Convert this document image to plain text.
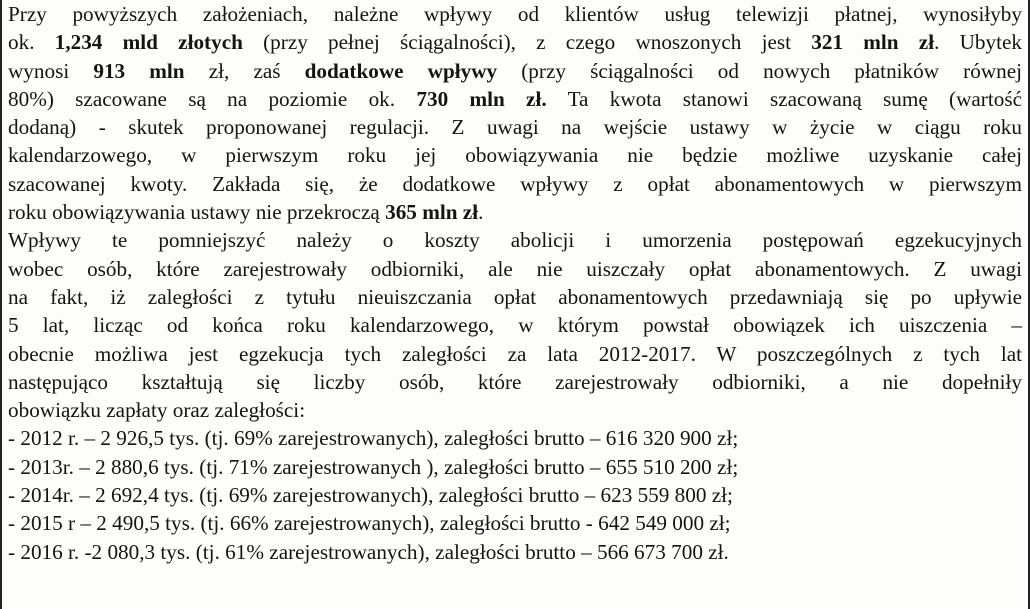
Przy powyższych założeniach, należne wpływy od klientów usług telewizji płatnej, wynosiłyby
ok. 1,234 mld złotych (przy pełnej ściągalności), z czego wnoszonych jest 321 mln zł. Ubytek
wynosi 913 mln zł, zaś dodatkowe wpływy (przy ściągalności od nowych płatników równej
80%) szacowane są na poziomie ok. 730 mln zł. Ta kwota stanowi szacowaną sumę (wartość
dodaną) - skutek proponowanej regulacji. Z uwagi na wejście ustawy w życie w ciągu roku
kalendarzowego, w pierwszym roku jej obowiązywania nie będzie możliwe uzyskanie całej
szacowanej kwoty. Zakłada się, że dodatkowe wpływy z opłat abonamentowych w pierwszym
roku obowiązywania ustawy nie przekroczą 365 mln zł.
Wpływy te pomniejszyć należy o koszty abolicji i umorzenia postępowań egzekucyjnych
wobec osób, które zarejestrowały odbiorniki, ale nie uiszczały opłat abonamentowych. Z uwagi
na fakt, iż zaległości z tytułu nieuiszczania opłat abonamentowych przedawniają się po upływie
5 lat, licząc od końca roku kalendarzowego, w którym powstał obowiązek ich uiszczenia –
obecnie możliwa jest egzekucja tych zaległości za lata 2012-2017. W poszczególnych z tych lat
następująco kształtują się liczby osób, które zarejestrowały odbiorniki, a nie dopełniły
obowiązku zapłaty oraz zaległości:
- 2012 r. – 2 926,5 tys. (tj. 69% zarejestrowanych), zaległości brutto – 616 320 900 zł;
- 2013r. – 2 880,6 tys. (tj. 71% zarejestrowanych ), zaległości brutto – 655 510 200 zł;
- 2014r. – 2 692,4 tys. (tj. 69% zarejestrowanych), zaległości brutto – 623 559 800 zł;
- 2015 r – 2 490,5 tys. (tj. 66% zarejestrowanych), zaległości brutto - 642 549 000 zł;
- 2016 r. -2 080,3 tys. (tj. 61% zarejestrowanych), zaległości brutto – 566 673 700 zł.
